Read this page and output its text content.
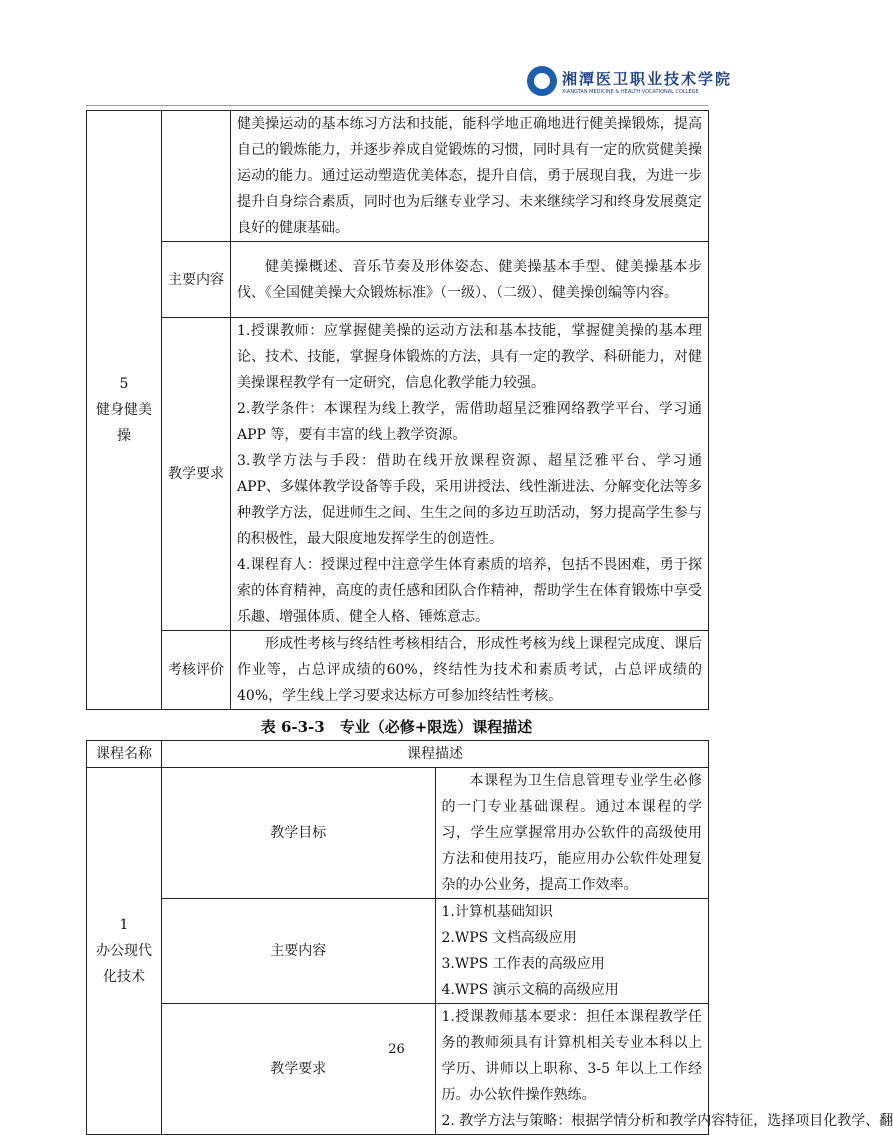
湘潭医卫职业技术学院
XIANGTAN MEDICINE & HEALTH VOCATIONAL COLLEGE

5

健身健美操		健美操运动的基本练习方法和技能，能科学地正确地进行健美操锻炼，提高自己的锻炼能力，并逐步养成自觉锻炼的习惯，同时具有一定的欣赏健美操运动的能力。通过运动塑造优美体态，提升自信，勇于展现自我，为进一步提升自身综合素质，同时也为后继专业学习、未来继续学习和终身发展奠定良好的健康基础。

	主要内容	健美操概述、音乐节奏及形体姿态、健美操基本手型、健美操基本步伐、《全国健美操大众锻炼标准》（一级）、（二级）、健美操创编等内容。

	教学要求	1.授课教师：应掌握健美操的运动方法和基本技能，掌握健美操的基本理论、技术、技能，掌握身体锻炼的方法，具有一定的教学、科研能力，对健美操课程教学有一定研究，信息化教学能力较强。

2.教学条件：本课程为线上教学，需借助超星泛雅网络教学平台、学习通 APP 等，要有丰富的线上教学资源。

3.教学方法与手段：借助在线开放课程资源、超星泛雅平台、学习通 APP、多媒体教学设备等手段，采用讲授法、线性渐进法、分解变化法等多种教学方法，促进师生之间、生生之间的多边互助活动，努力提高学生参与的积极性，最大限度地发挥学生的创造性。

4.课程育人：授课过程中注意学生体育素质的培养，包括不畏困难，勇于探索的体育精神，高度的责任感和团队合作精神，帮助学生在体育锻炼中享受乐趣、增强体质、健全人格、锤炼意志。

	考核评价	形成性考核与终结性考核相结合，形成性考核为线上课程完成度、课后作业等，占总评成绩的60%，终结性为技术和素质考试，占总评成绩的40%，学生线上学习要求达标方可参加终结性考核。

表 6-3-3　专业（必修+限选）课程描述
课程名称	课程描述	

1

办公现代化技术	教学目标	本课程为卫生信息管理专业学生必修的一门专业基础课程。通过本课程的学习，学生应掌握常用办公软件的高级使用方法和使用技巧，能应用办公软件处理复杂的办公业务，提高工作效率。

	主要内容	1.计算机基础知识

2.WPS 文档高级应用

3.WPS 工作表的高级应用

4.WPS 演示文稿的高级应用

	教学要求	1.授课教师基本要求：担任本课程教学任务的教师须具有计算机相关专业本科以上学历、讲师以上职称、3-5 年以上工作经历。办公软件操作熟练。

2. 教学方法与策略：根据学情分析和教学内容特征，选择项目化教学、翻

26
